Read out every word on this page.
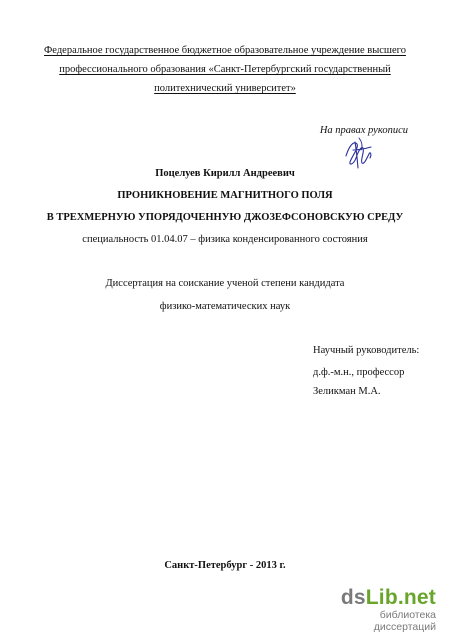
Федеральное государственное бюджетное образовательное учреждение высшего
профессионального образования «Санкт-Петербургский государственный
политехнический университет»
На правах рукописи
Поцелуев Кирилл Андреевич
ПРОНИКНОВЕНИЕ МАГНИТНОГО ПОЛЯ
В ТРЕХМЕРНУЮ УПОРЯДОЧЕННУЮ ДЖОЗЕФСОНОВСКУЮ СРЕДУ
специальность 01.04.07 – физика конденсированного состояния
Диссертация на соискание ученой степени кандидата
физико-математических наук
Научный руководитель:
д.ф.-м.н., профессор
Зеликман М.А.
Санкт-Петербург - 2013 г.
dsLib.net
библиотека диссертаций
